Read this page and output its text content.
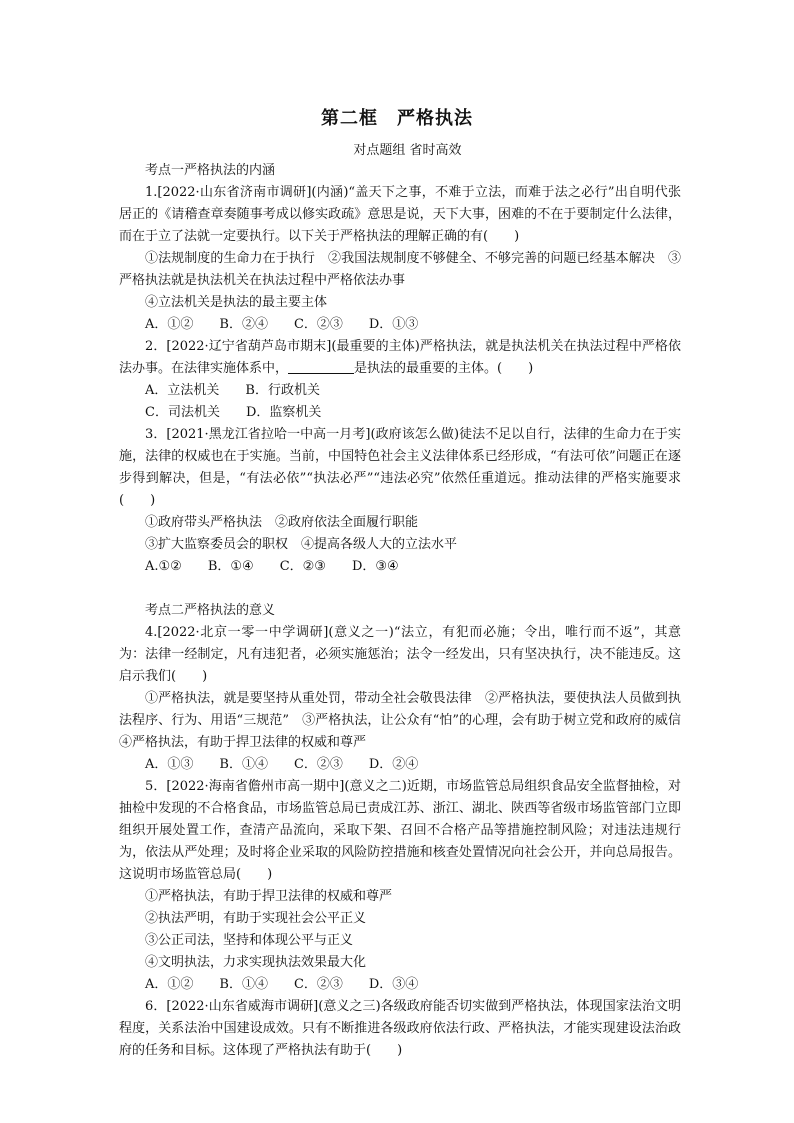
第二框　严格执法
对点题组 省时高效

考点一严格执法的内涵

1.[2022·山东省济南市调研](内涵)“盖天下之事，不难于立法，而难于法之必行”出自明代张居正的《请稽查章奏随事考成以修实政疏》意思是说，天下大事，困难的不在于要制定什么法律，而在于立了法就一定要执行。以下关于严格执法的理解正确的有(　　)

①法规制度的生命力在于执行　②我国法规制度不够健全、不够完善的问题已经基本解决　③严格执法就是执法机关在执法过程中严格依法办事

④立法机关是执法的最主要主体

A．①②　　B．②④　　C．②③　　D．①③

2．[2022·辽宁省葫芦岛市期末](最重要的主体)严格执法，就是执法机关在执法过程中严格依法办事。在法律实施体系中，	是执法的最重要的主体。(　　)

A．立法机关　　B．行政机关

C．司法机关　　D．监察机关

3．[2021·黑龙江省拉哈一中高一月考](政府该怎么做)徒法不足以自行，法律的生命力在于实施，法律的权威也在于实施。当前，中国特色社会主义法律体系已经形成，“有法可依”问题正在逐步得到解决，但是，“有法必依”“执法必严”“违法必究”依然任重道远。推动法律的严格实施要求(　　)

①政府带头严格执法　②政府依法全面履行职能

③扩大监察委员会的职权　④提高各级人大的立法水平

A.①②　　B．①④　　C．②③　　D．③④

考点二严格执法的意义

4.[2022·北京一零一中学调研](意义之一)“法立，有犯而必施；令出，唯行而不返”，其意为：法律一经制定，凡有违犯者，必须实施惩治；法令一经发出，只有坚决执行，决不能违反。这启示我们(　　)

①严格执法，就是要坚持从重处罚，带动全社会敬畏法律　②严格执法，要使执法人员做到执法程序、行为、用语“三规范”　③严格执法，让公众有“怕”的心理，会有助于树立党和政府的威信　④严格执法，有助于捍卫法律的权威和尊严

A．①③　　B．①④　　C．②③　　D．②④

5．[2022·海南省儋州市高一期中](意义之二)近期，市场监管总局组织食品安全监督抽检，对抽检中发现的不合格食品，市场监管总局已责成江苏、浙江、湖北、陕西等省级市场监管部门立即组织开展处置工作，查清产品流向，采取下架、召回不合格产品等措施控制风险；对违法违规行为，依法从严处理；及时将企业采取的风险防控措施和核查处置情况向社会公开，并向总局报告。这说明市场监管总局(　　)

①严格执法，有助于捍卫法律的权威和尊严

②执法严明，有助于实现社会公平正义

③公正司法，坚持和体现公平与正义

④文明执法，力求实现执法效果最大化

A．①②　　B．①④　　C．②③　　D．③④

6．[2022·山东省威海市调研](意义之三)各级政府能否切实做到严格执法，体现国家法治文明程度，关系法治中国建设成效。只有不断推进各级政府依法行政、严格执法，才能实现建设法治政府的任务和目标。这体现了严格执法有助于(　　)
